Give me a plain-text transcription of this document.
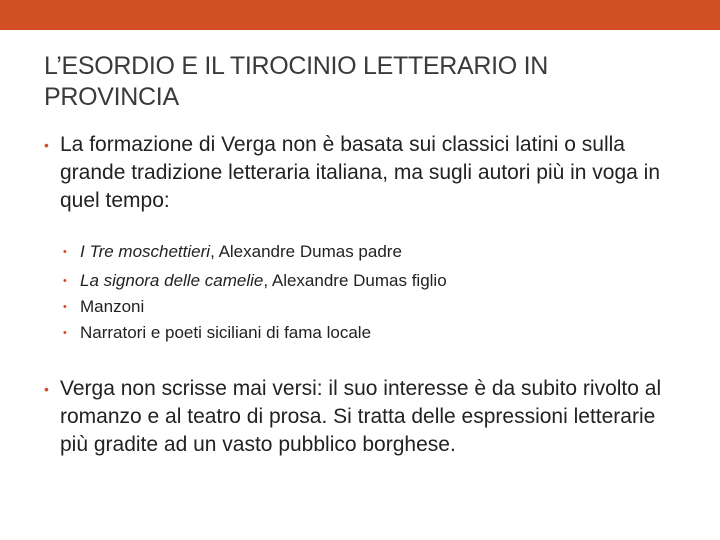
L’ESORDIO E IL TIROCINIO LETTERARIO IN PROVINCIA
• La formazione di Verga non è basata sui classici latini o sulla grande tradizione letteraria italiana, ma sugli autori più in voga in quel tempo:
• I Tre moschettieri, Alexandre Dumas padre
• La signora delle camelie, Alexandre Dumas figlio
• Manzoni
• Narratori e poeti siciliani di fama locale
• Verga non scrisse mai versi: il suo interesse è da subito rivolto al romanzo e al teatro di prosa. Si tratta delle espressioni letterarie più gradite ad un vasto pubblico borghese.
